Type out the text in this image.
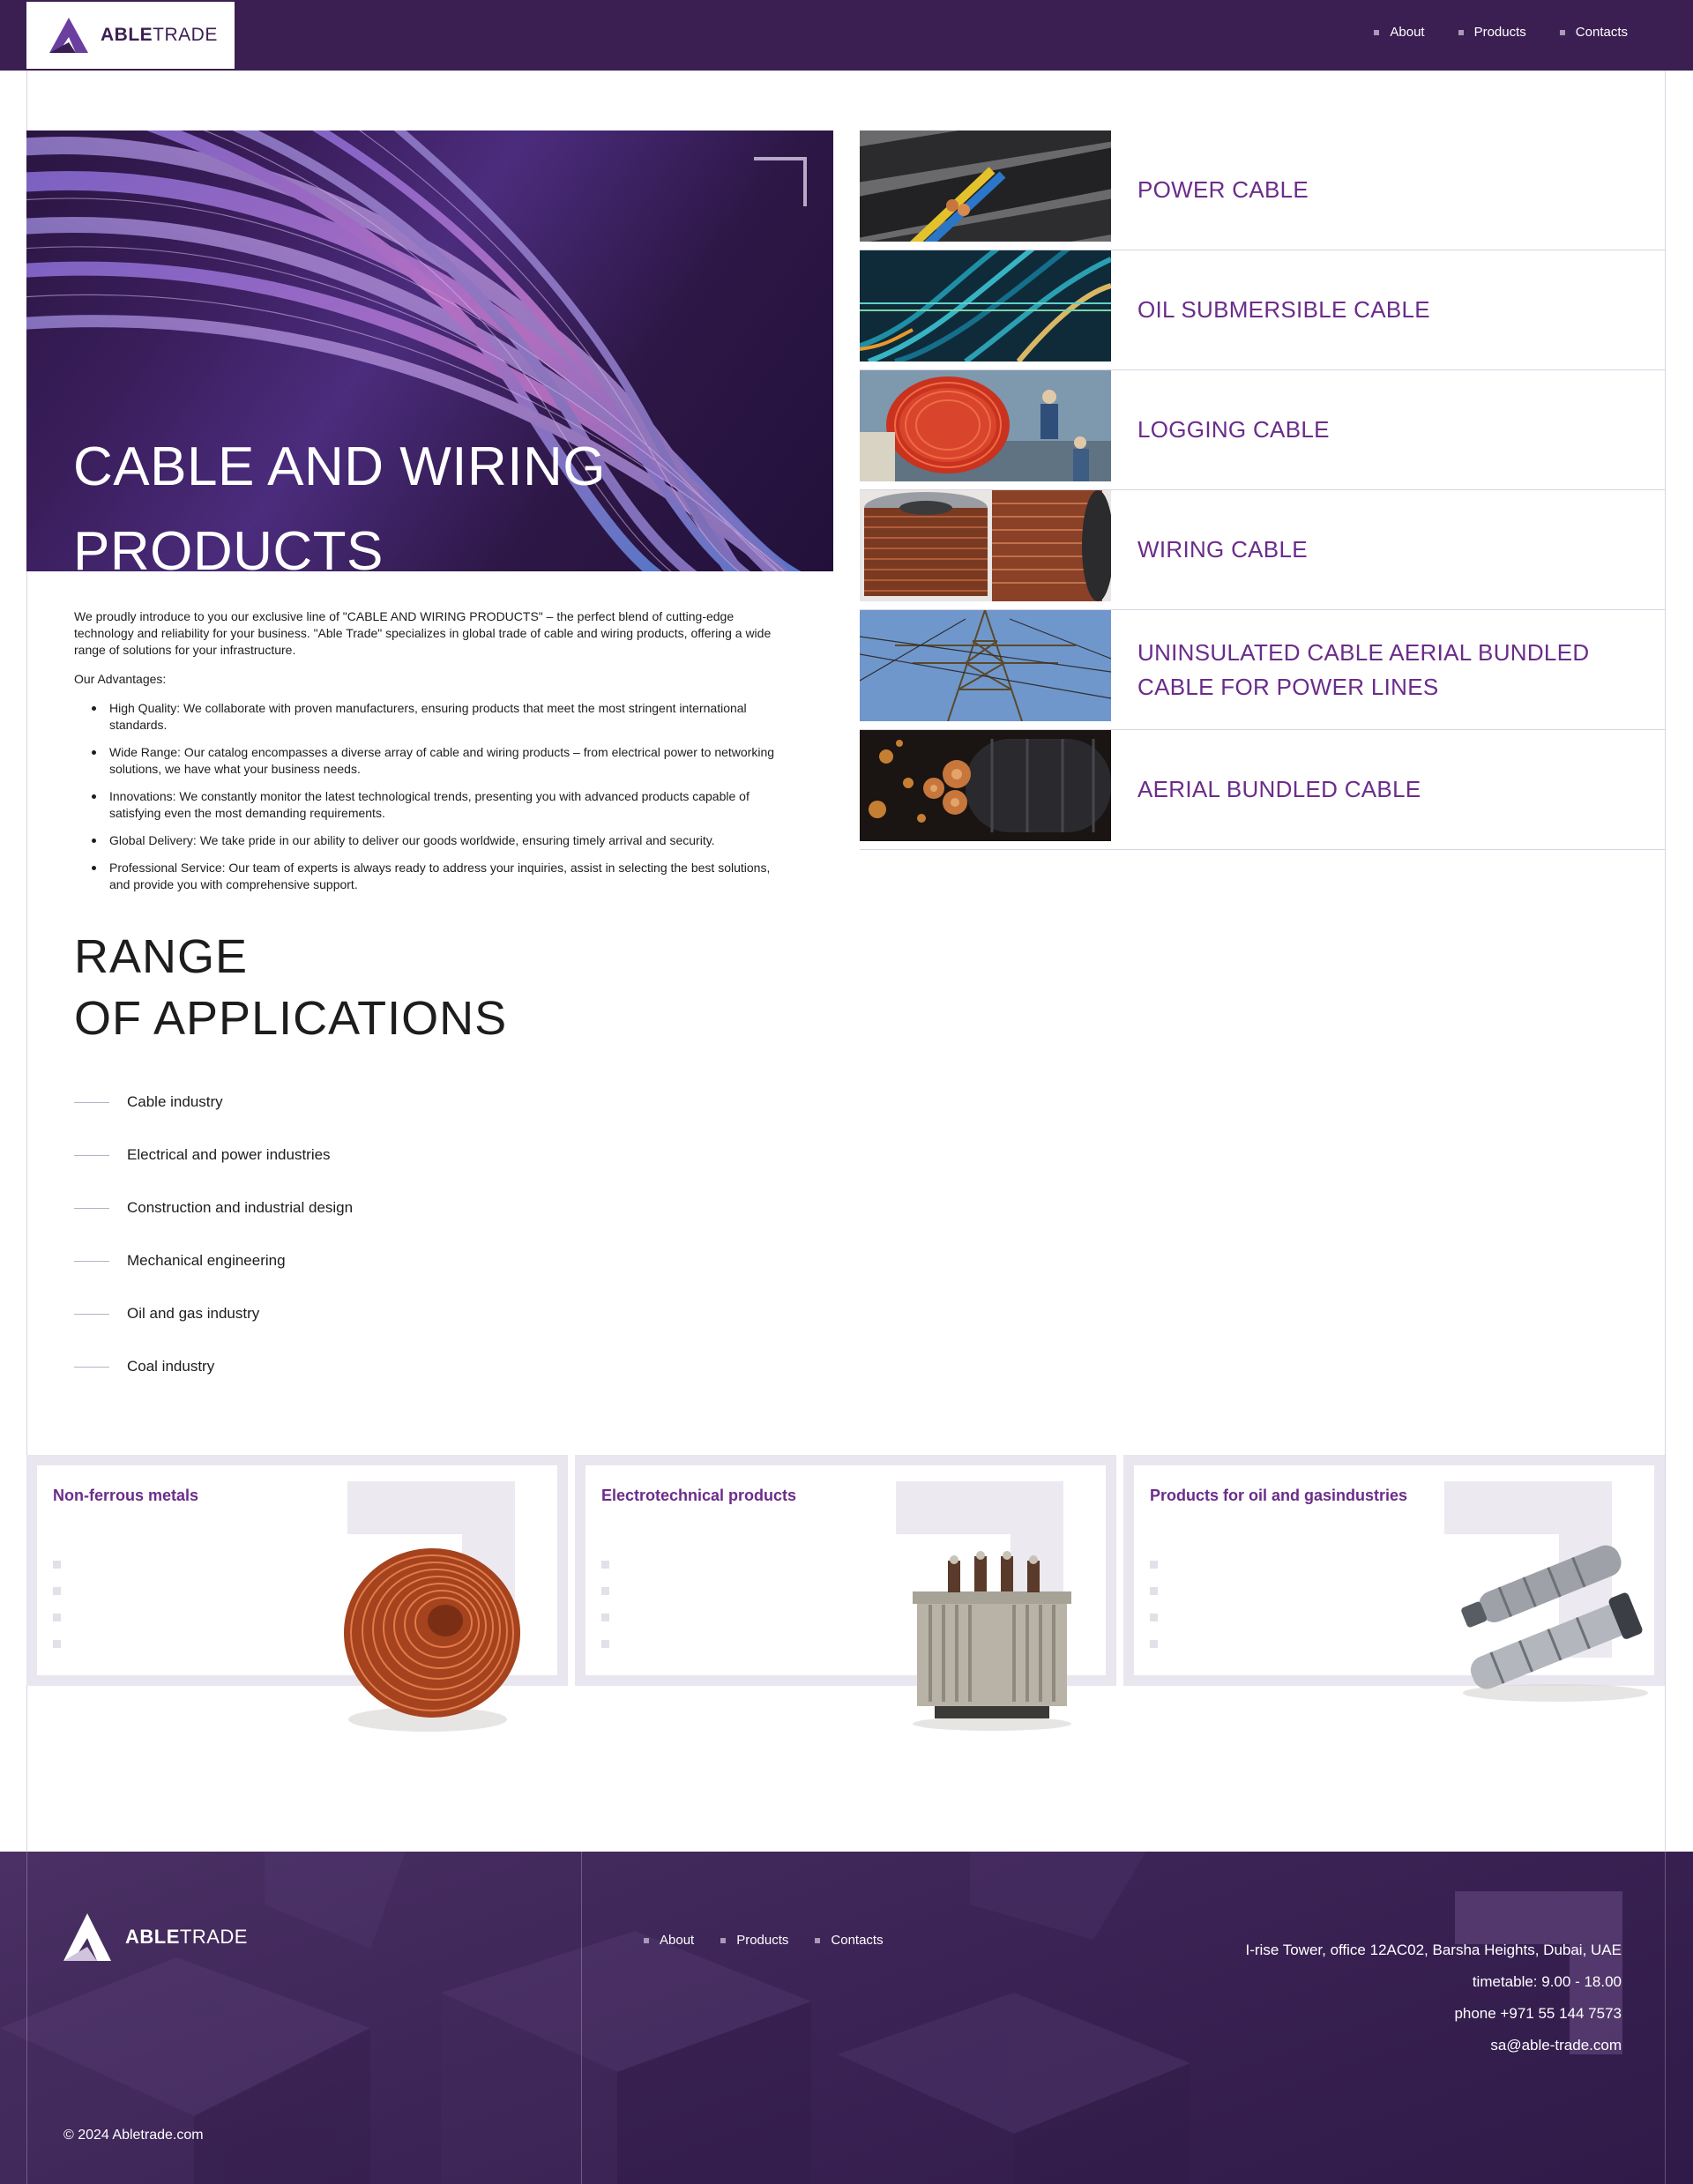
ABLETRADE	About	Products	Contacts
CABLE AND WIRING PRODUCTS

We proudly introduce to you our exclusive line of "CABLE AND WIRING PRODUCTS" – the perfect blend of cutting-edge technology and reliability for your business. "Able Trade" specializes in global trade of cable and wiring products, offering a wide range of solutions for your infrastructure.

Our Advantages:

High Quality: We collaborate with proven manufacturers, ensuring products that meet the most stringent international standards.
Wide Range: Our catalog encompasses a diverse array of cable and wiring products – from electrical power to networking solutions, we have what your business needs.
Innovations: We constantly monitor the latest technological trends, presenting you with advanced products capable of satisfying even the most demanding requirements.
Global Delivery: We take pride in our ability to deliver our goods worldwide, ensuring timely arrival and security.
Professional Service: Our team of experts is always ready to address your inquiries, assist in selecting the best solutions, and provide you with comprehensive support.
RANGE
OF APPLICATIONS
Cable industry
Electrical and power industries
Construction and industrial design
Mechanical engineering
Oil and gas industry
Coal industry
POWER CABLE
OIL SUBMERSIBLE CABLE
LOGGING CABLE
WIRING CABLE
UNINSULATED CABLE AERIAL BUNDLED CABLE FOR POWER LINES
AERIAL BUNDLED CABLE
Non-ferrous metals	Electrotechnical products	Products for oil and gasindustries
ABLETRADE	About	Products	Contacts
I-rise Tower, office 12AC02, Barsha Heights, Dubai, UAE
timetable: 9.00 - 18.00
phone +971 55 144 7573
sa@able-trade.com
© 2024 Abletrade.com
